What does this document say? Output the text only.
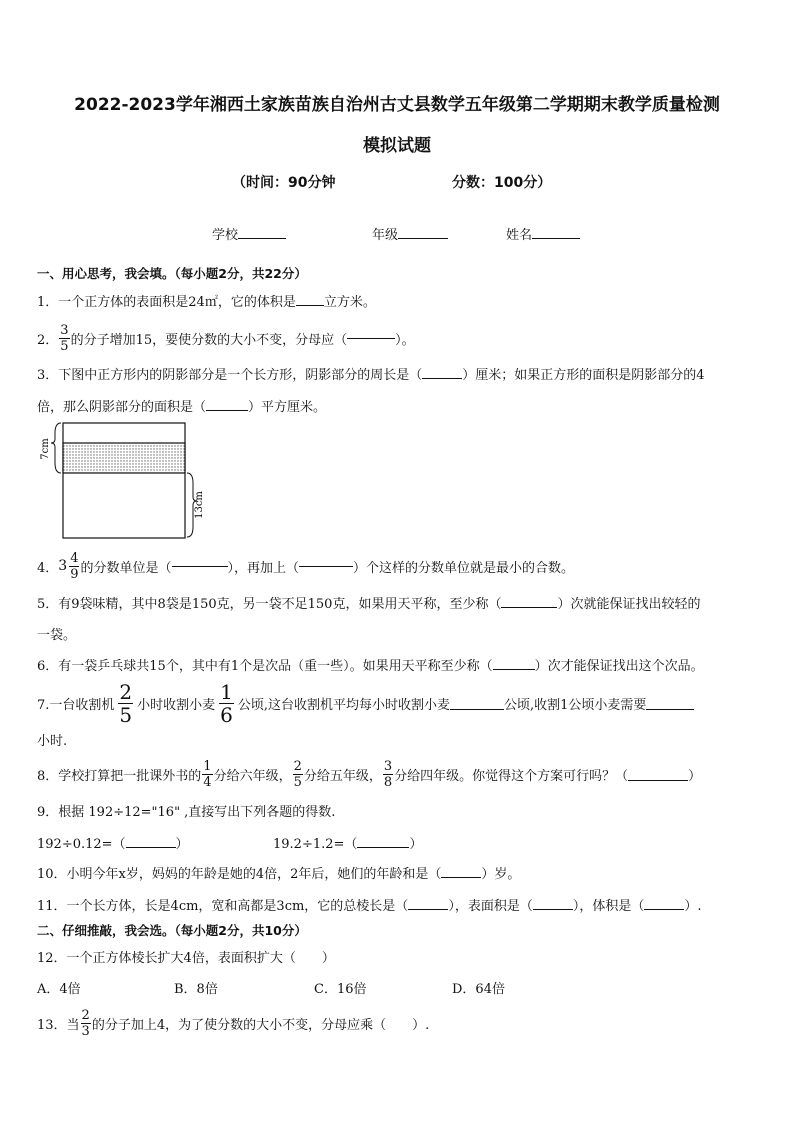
2022-2023学年湘西土家族苗族自治州古丈县数学五年级第二学期期末教学质量检测
模拟试题
（时间：90分钟	分数：100分）
学校	年级	姓名
一、用心思考，我会填。（每小题2分，共22分）
1．一个正方体的表面积是24㎡，它的体积是 立方米。
2． $\frac{3}{5}$ 的分子增加15，要使分数的大小不变，分母应（	）。
3．下图中正方形内的阴影部分是一个长方形，阴影部分的周长是（	）厘米；如果正方形的面积是阴影部分的4
倍，那么阴影部分的面积是（	）平方厘米。
7cm
13cm
4． $3 \frac{4}{9}$ 的分数单位是（	），再加上（	）个这样的分数单位就是最小的合数。
5．有9袋味精，其中8袋是150克，另一袋不足150克，如果用天平称，至少称（	）次就能保证找出较轻的
一袋。
6．有一袋乒乓球共15个，其中有1个是次品（重一些）。如果用天平称至少称（	）次才能保证找出这个次品。
7.一台收割机 $\frac{2}{5}$ 小时收割小麦 $\frac{1}{6}$ 公顷,这台收割机平均每小时收割小麦	公顷,收割1公顷小麦需要
小时.
8．学校打算把一批课外书的 $\frac{1}{4}$ 分给六年级， $\frac{2}{5}$ 分给五年级， $\frac{3}{8}$ 分给四年级。你觉得这个方案可行吗？（	）
9．根据 192÷12="16" ,直接写出下列各题的得数.
192÷0.12=（	）	19.2÷1.2=（	）
10．小明今年x岁，妈妈的年龄是她的4倍，2年后，她们的年龄和是（	）岁。
11．一个长方体，长是4cm，宽和高都是3cm，它的总棱长是（	），表面积是（	），体积是（	）.
二、仔细推敲，我会选。（每小题2分，共10分）
12．一个正方体棱长扩大4倍，表面积扩大（　　）
A．4倍	B．8倍	C．16倍	D．64倍
13．当 $\frac{2}{3}$ 的分子加上4，为了使分数的大小不变，分母应乘（　　）.
